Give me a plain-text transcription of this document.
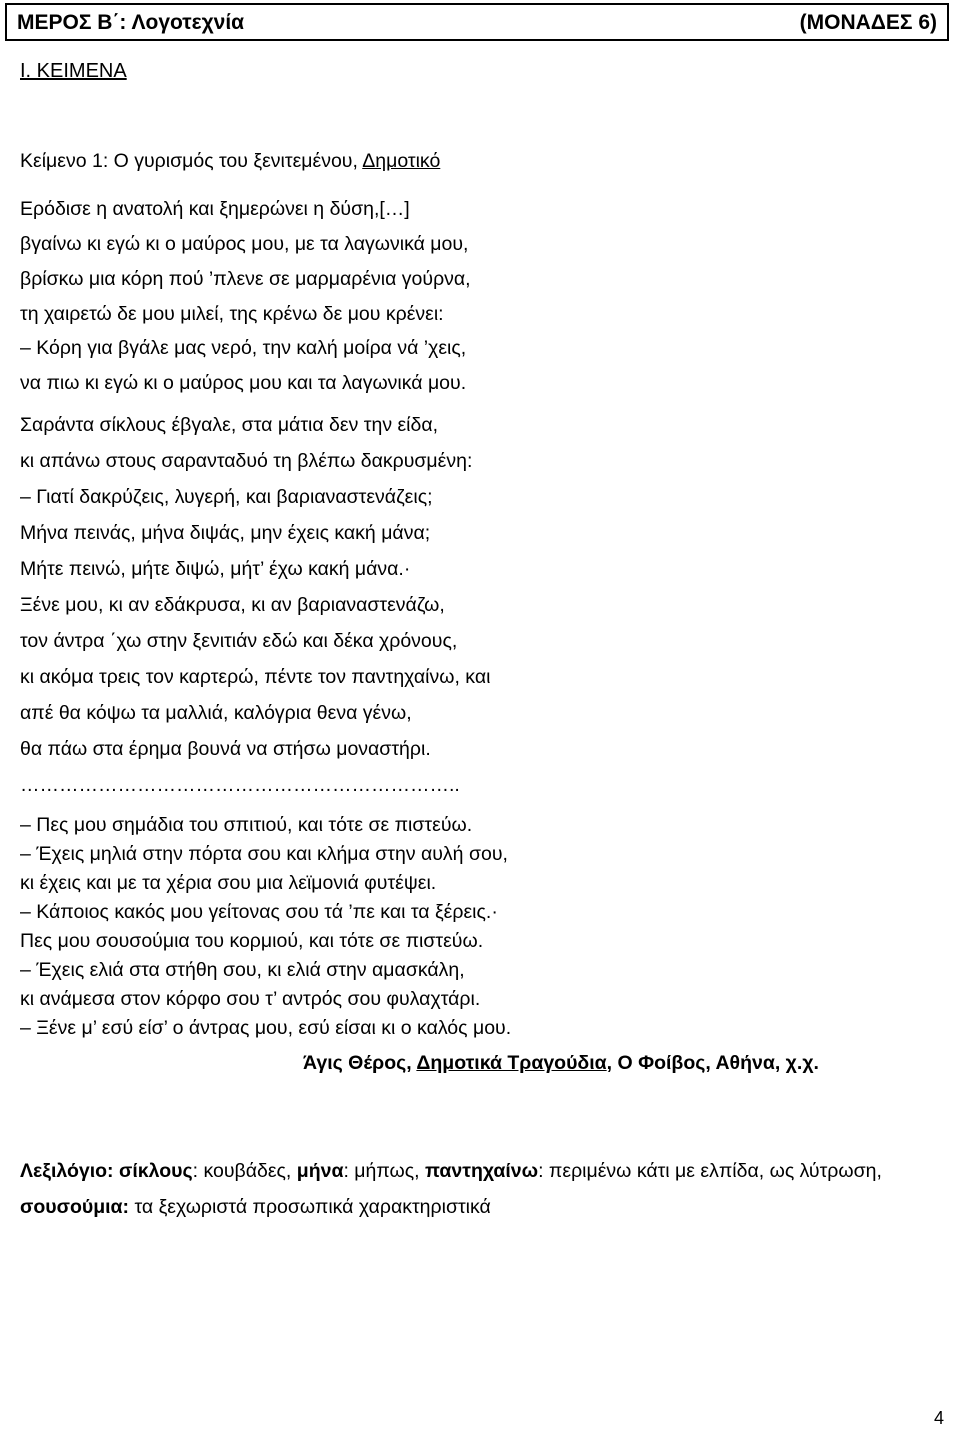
ΜΕΡΟΣ Β΄: Λογοτεχνία	(ΜΟΝΑΔΕΣ 6)
Ι. ΚΕΙΜΕΝΑ
Κείμενο 1: Ο γυρισμός του ξενιτεμένου, Δημοτικό
Ερόδισε η ανατολή και ξημερώνει η δύση,[…]
βγαίνω κι εγώ κι ο μαύρος μου, με τα λαγωνικά μου,
βρίσκω μια κόρη πού ’πλενε σε μαρμαρένια γούρνα,
τη χαιρετώ δε μου μιλεί, της κρένω δε μου κρένει:
– Κόρη για βγάλε μας νερό, την καλή μοίρα νά ’χεις,
να πιω κι εγώ κι ο μαύρος μου και τα λαγωνικά μου.
Σαράντα σίκλους έβγαλε, στα μάτια δεν την είδα,
κι απάνω στους σαρανταδυό τη βλέπω δακρυσμένη:
– Γιατί δακρύζεις, λυγερή, και βαριαναστενάζεις;
Μήνα πεινάς, μήνα διψάς, μην έχεις κακή μάνα;
Μήτε πεινώ, μήτε διψώ, μήτ’ έχω κακή μάνα.·
Ξένε μου, κι αν εδάκρυσα, κι αν βαριαναστενάζω,
τον άντρα ΄χω στην ξενιτιάν εδώ και δέκα χρόνους,
κι ακόμα τρεις τον καρτερώ, πέντε τον παντηχαίνω, και
απέ θα κόψω τα μαλλιά, καλόγρια θενα γένω,
θα πάω στα έρημα βουνά να στήσω μοναστήρι.
…………………………………………………………..
– Πες μου σημάδια του σπιτιού, και τότε σε πιστεύω.
– Έχεις μηλιά στην πόρτα σου και κλήμα στην αυλή σου,
κι έχεις και με τα χέρια σου μια λεϊμονιά φυτέψει.
– Κάποιος κακός μου γείτονας σου τά ’πε και τα ξέρεις.·
Πες μου σουσούμια του κορμιού, και τότε σε πιστεύω.
– Έχεις ελιά στα στήθη σου, κι ελιά στην αμασκάλη,
κι ανάμεσα στον κόρφο σου τ’ αντρός σου φυλαχτάρι.
– Ξένε μ’ εσύ είσ’ ο άντρας μου, εσύ είσαι κι ο καλός μου.
Άγις Θέρος, Δημοτικά Τραγούδια, Ο Φοίβος, Αθήνα, χ.χ.
Λεξιλόγιο: σίκλους: κουβάδες, μήνα: μήπως, παντηχαίνω: περιμένω κάτι με ελπίδα, ως λύτρωση, σουσούμια: τα ξεχωριστά προσωπικά χαρακτηριστικά
4
